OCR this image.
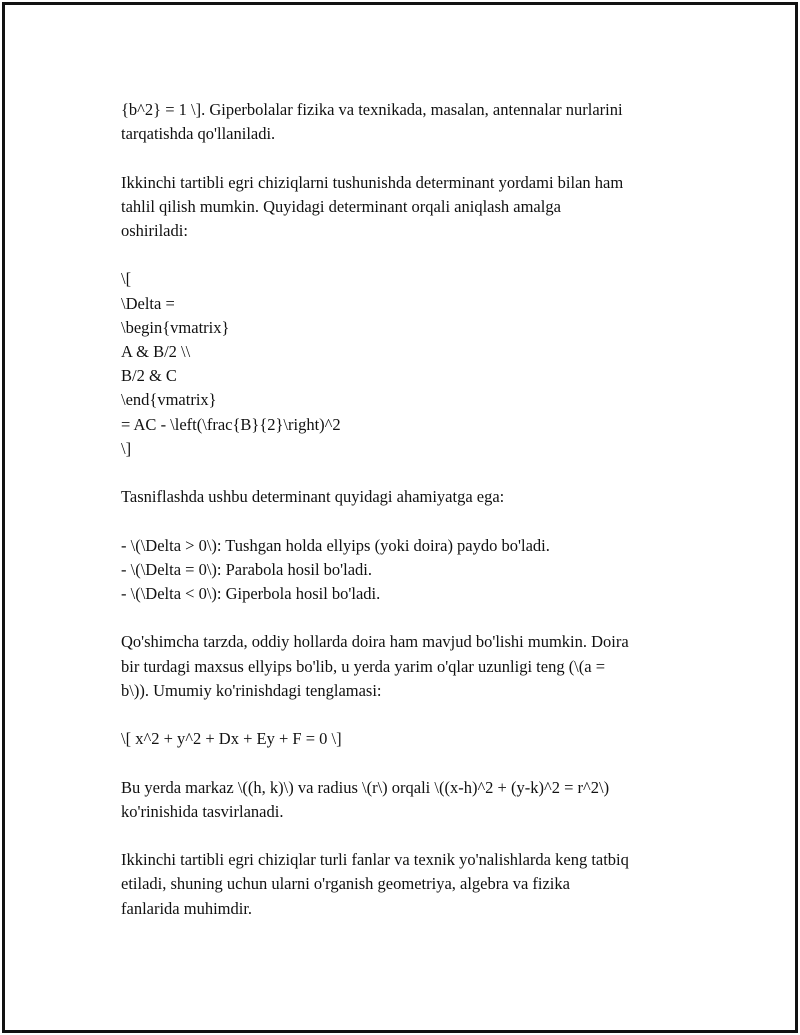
{b^2} = 1 \]. Giperbolalar fizika va texnikada, masalan, antennalar nurlarini
tarqatishda qo'llaniladi.
Ikkinchi tartibli egri chiziqlarni tushunishda determinant yordami bilan ham
tahlil qilish mumkin. Quyidagi determinant orqali aniqlash amalga
oshiriladi:
\[
\Delta =
\begin{vmatrix}
A & B/2 \\
B/2 & C
\end{vmatrix}
= AC - \left(\frac{B}{2}\right)^2
\]
Tasniflashda ushbu determinant quyidagi ahamiyatga ega:
- \(\Delta > 0\): Tushgan holda ellyips (yoki doira) paydo bo'ladi.
- \(\Delta = 0\): Parabola hosil bo'ladi.
- \(\Delta < 0\): Giperbola hosil bo'ladi.
Qo'shimcha tarzda, oddiy hollarda doira ham mavjud bo'lishi mumkin. Doira
bir turdagi maxsus ellyips bo'lib, u yerda yarim o'qlar uzunligi teng (\(a =
b\)). Umumiy ko'rinishdagi tenglamasi:
\[ x^2 + y^2 + Dx + Ey + F = 0 \]
Bu yerda markaz \((h, k)\) va radius \(r\) orqali \((x-h)^2 + (y-k)^2 = r^2\)
ko'rinishida tasvirlanadi.
Ikkinchi tartibli egri chiziqlar turli fanlar va texnik yo'nalishlarda keng tatbiq
etiladi, shuning uchun ularni o'rganish geometriya, algebra va fizika
fanlarida muhimdir.
